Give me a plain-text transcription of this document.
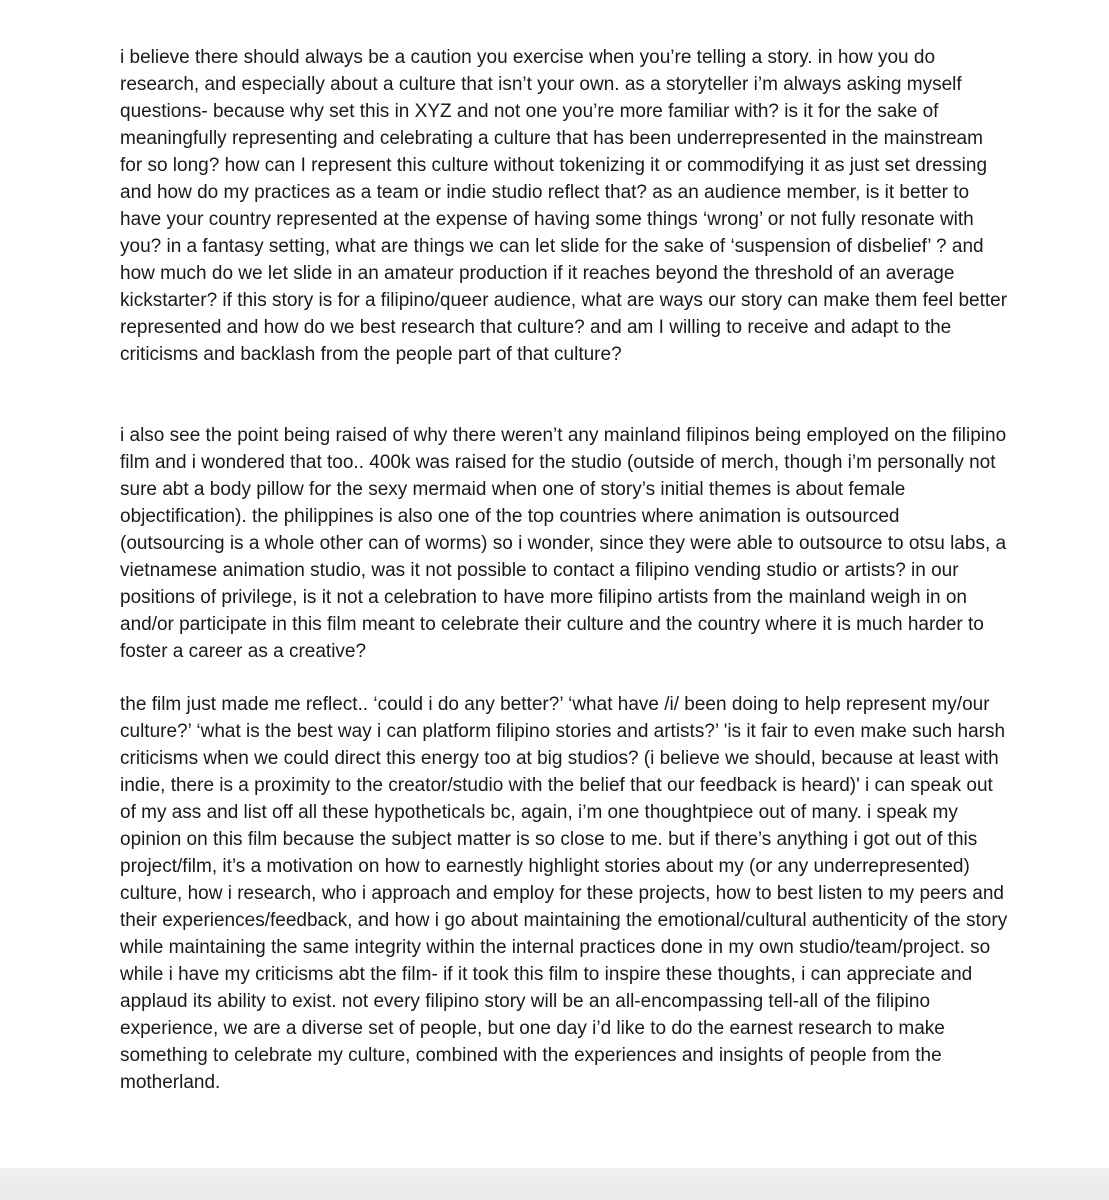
i believe there should always be a caution you exercise when you’re telling a story. in how you do research, and especially about a culture that isn’t your own. as a storyteller i’m always asking myself questions- because why set this in XYZ and not one you’re more familiar with? is it for the sake of meaningfully representing and celebrating a culture that has been underrepresented in the mainstream for so long? how can I represent this culture without tokenizing it or commodifying it as just set dressing and how do my practices as a team or indie studio reflect that? as an audience member, is it better to have your country represented at the expense of having some things ‘wrong’ or not fully resonate with you? in a fantasy setting, what are things we can let slide for the sake of ‘suspension of disbelief’ ? and how much do we let slide in an amateur production if it reaches beyond the threshold of an average kickstarter? if this story is for a filipino/queer audience, what are ways our story can make them feel better represented and how do we best research that culture? and am I willing to receive and adapt to the criticisms and backlash from the people part of that culture?

i also see the point being raised of why there weren’t any mainland filipinos being employed on the filipino film and i wondered that too.. 400k was raised for the studio (outside of merch, though i’m personally not sure abt a body pillow for the sexy mermaid when one of story’s initial themes is about female objectification). the philippines is also one of the top countries where animation is outsourced (outsourcing is a whole other can of worms) so i wonder, since they were able to outsource to otsu labs, a vietnamese animation studio, was it not possible to contact a filipino vending studio or artists? in our positions of privilege, is it not a celebration to have more filipino artists from the mainland weigh in on and/or participate in this film meant to celebrate their culture and the country where it is much harder to foster a career as a creative?

the film just made me reflect.. ‘could i do any better?’ ‘what have /i/ been doing to help represent my/our culture?’ ‘what is the best way i can platform filipino stories and artists?’ 'is it fair to even make such harsh criticisms when we could direct this energy too at big studios? (i believe we should, because at least with indie, there is a proximity to the creator/studio with the belief that our feedback is heard)' i can speak out of my ass and list off all these hypotheticals bc, again, i’m one thoughtpiece out of many. i speak my opinion on this film because the subject matter is so close to me. but if there’s anything i got out of this project/film, it’s a motivation on how to earnestly highlight stories about my (or any underrepresented) culture, how i research, who i approach and employ for these projects, how to best listen to my peers and their experiences/feedback, and how i go about maintaining the emotional/cultural authenticity of the story while maintaining the same integrity within the internal practices done in my own studio/team/project. so while i have my criticisms abt the film- if it took this film to inspire these thoughts, i can appreciate and applaud its ability to exist. not every filipino story will be an all-encompassing tell-all of the filipino experience, we are a diverse set of people, but one day i’d like to do the earnest research to make something to celebrate my culture, combined with the experiences and insights of people from the motherland.
